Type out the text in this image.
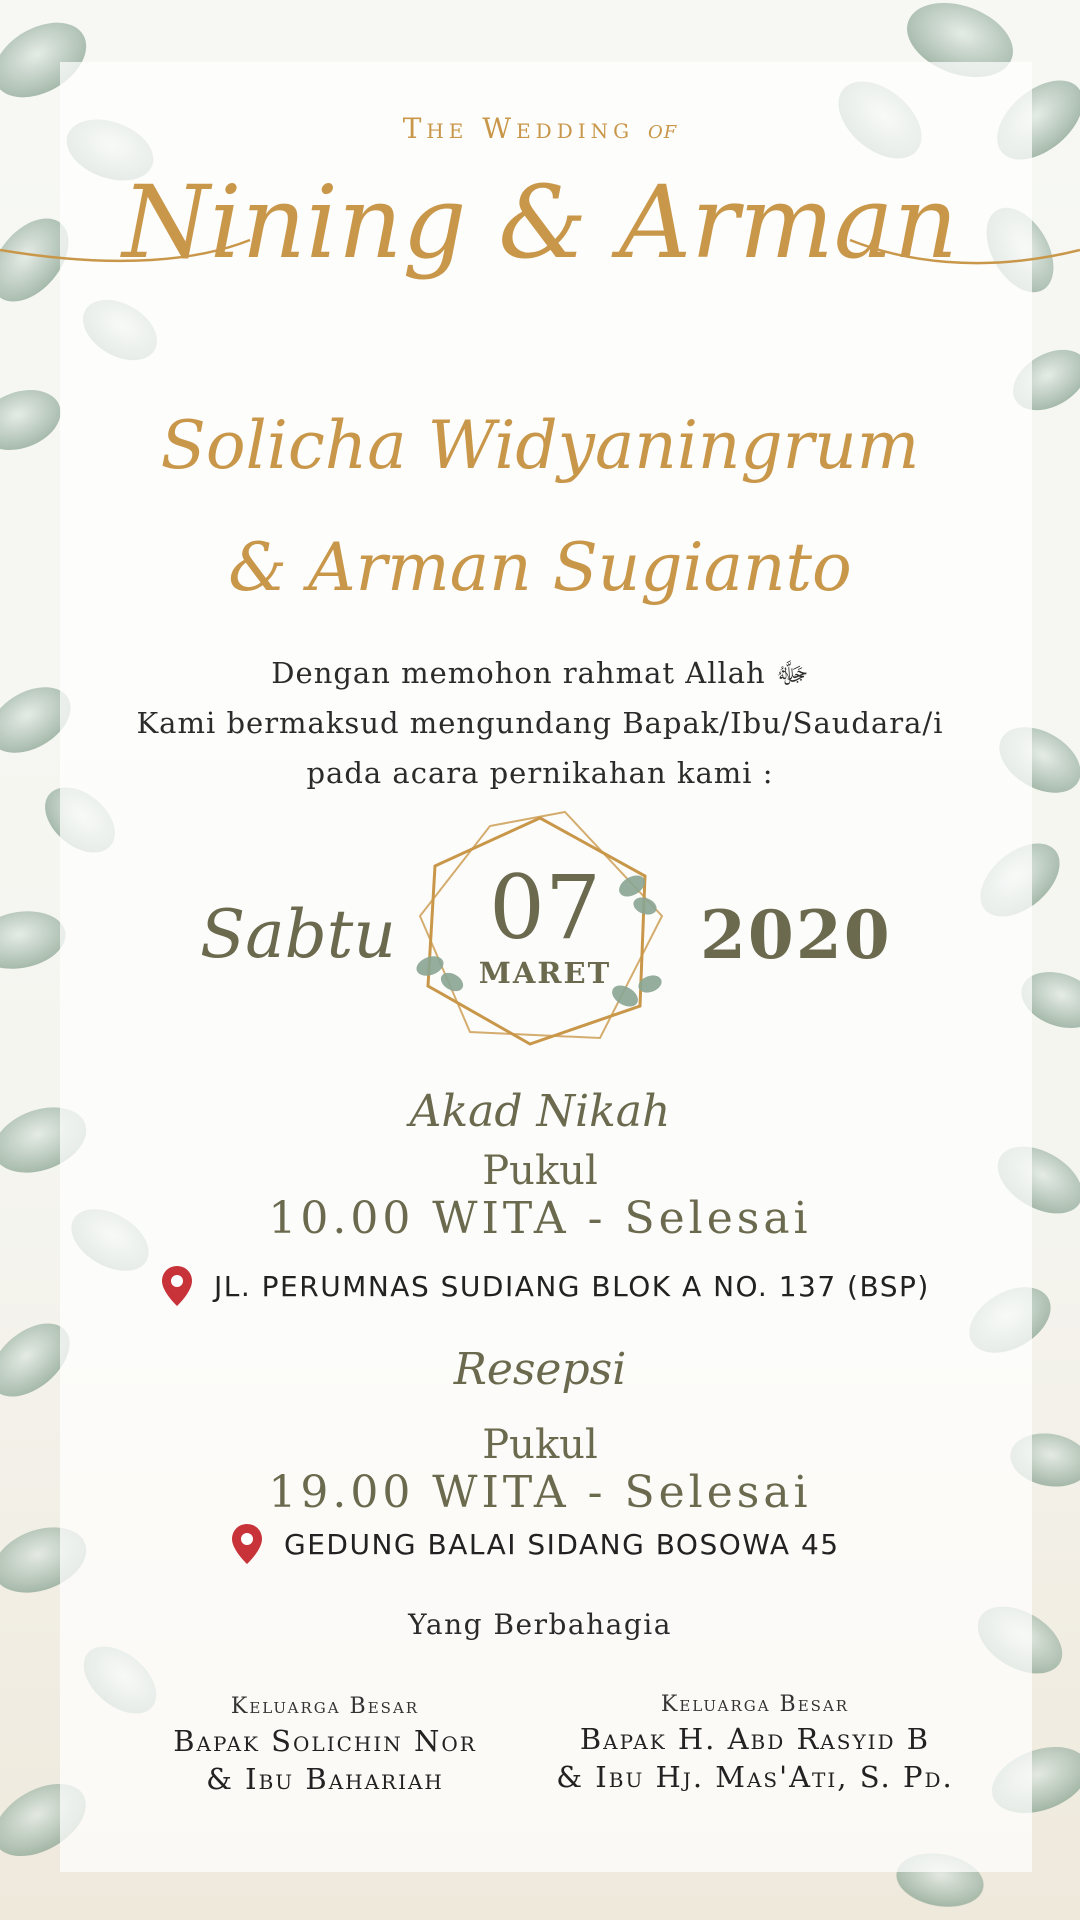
The Wedding of
Nining & Arman
Solicha Widyaningrum
& Arman Sugianto
Dengan memohon rahmat Allah ﷻ
Kami bermaksud mengundang Bapak/Ibu/Saudara/i
pada acara pernikahan kami :
Sabtu	07
MARET	2020
Akad Nikah
Pukul
10.00 WITA - Selesai
JL. PERUMNAS SUDIANG BLOK A NO. 137 (BSP)
Resepsi
Pukul
19.00 WITA - Selesai
GEDUNG BALAI SIDANG BOSOWA 45
Yang Berbahagia
Keluarga Besar
Bapak Solichin Nor
& Ibu Bahariah
Keluarga Besar
Bapak H. Abd Rasyid B
& Ibu Hj. Mas'Ati, S. Pd.
